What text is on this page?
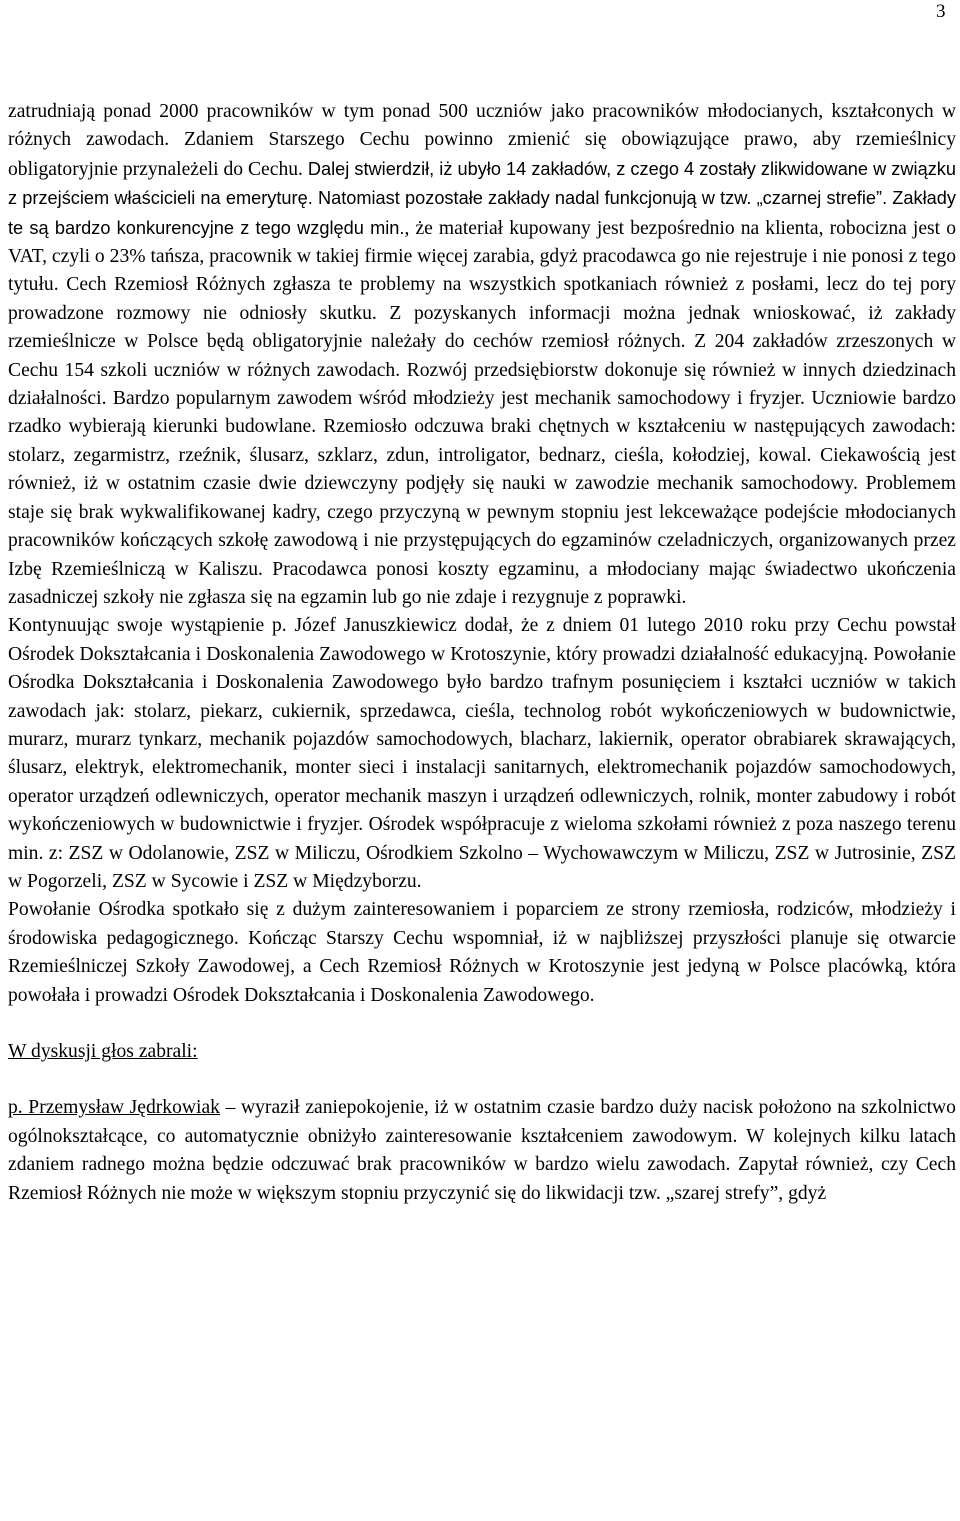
3

zatrudniają ponad 2000 pracowników w tym ponad 500 uczniów jako pracowników młodocianych, kształconych w różnych zawodach. Zdaniem Starszego Cechu powinno zmienić się obowiązujące prawo, aby rzemieślnicy obligatoryjnie przynależeli do Cechu. Dalej stwierdził, iż ubyło 14 zakładów, z czego 4 zostały zlikwidowane w związku z przejściem właścicieli na emeryturę. Natomiast pozostałe zakłady nadal funkcjonują w tzw. „czarnej strefie”. Zakłady te są bardzo konkurencyjne z tego względu min., że materiał kupowany jest bezpośrednio na klienta, robocizna jest o VAT, czyli o 23% tańsza, pracownik w takiej firmie więcej zarabia, gdyż pracodawca go nie rejestruje i nie ponosi z tego tytułu. Cech Rzemiosł Różnych zgłasza te problemy na wszystkich spotkaniach również z posłami, lecz do tej pory prowadzone rozmowy nie odniosły skutku. Z pozyskanych informacji można jednak wnioskować, iż zakłady rzemieślnicze w Polsce będą obligatoryjnie należały do cechów rzemiosł różnych. Z 204 zakładów zrzeszonych w Cechu 154 szkoli uczniów w różnych zawodach. Rozwój przedsiębiorstw dokonuje się również w innych dziedzinach działalności. Bardzo popularnym zawodem wśród młodzieży jest mechanik samochodowy i fryzjer. Uczniowie bardzo rzadko wybierają kierunki budowlane. Rzemiosło odczuwa braki chętnych w kształceniu w następujących zawodach: stolarz, zegarmistrz, rzeźnik, ślusarz, szklarz, zdun, introligator, bednarz, cieśla, kołodziej, kowal. Ciekawością jest również, iż w ostatnim czasie dwie dziewczyny podjęły się nauki w zawodzie mechanik samochodowy. Problemem staje się brak wykwalifikowanej kadry, czego przyczyną w pewnym stopniu jest lekceważące podejście młodocianych pracowników kończących szkołę zawodową i nie przystępujących do egzaminów czeladniczych, organizowanych przez Izbę Rzemieślniczą w Kaliszu. Pracodawca ponosi koszty egzaminu, a młodociany mając świadectwo ukończenia zasadniczej szkoły nie zgłasza się na egzamin lub go nie zdaje i rezygnuje z poprawki.

Kontynuując swoje wystąpienie p. Józef Januszkiewicz dodał, że z dniem 01 lutego 2010 roku przy Cechu powstał Ośrodek Dokształcania i Doskonalenia Zawodowego w Krotoszynie, który prowadzi działalność edukacyjną. Powołanie Ośrodka Dokształcania i Doskonalenia Zawodowego było bardzo trafnym posunięciem i kształci uczniów w takich zawodach jak: stolarz, piekarz, cukiernik, sprzedawca, cieśla, technolog robót wykończeniowych w budownictwie, murarz, murarz tynkarz, mechanik pojazdów samochodowych, blacharz, lakiernik, operator obrabiarek skrawających, ślusarz, elektryk, elektromechanik, monter sieci i instalacji sanitarnych, elektromechanik pojazdów samochodowych, operator urządzeń odlewniczych, operator mechanik maszyn i urządzeń odlewniczych, rolnik, monter zabudowy i robót wykończeniowych w budownictwie i fryzjer. Ośrodek współpracuje z wieloma szkołami również z poza naszego terenu min. z: ZSZ w Odolanowie, ZSZ w Miliczu, Ośrodkiem Szkolno – Wychowawczym w Miliczu, ZSZ w Jutrosinie, ZSZ w Pogorzeli, ZSZ w Sycowie i ZSZ w Międzyborzu.

Powołanie Ośrodka spotkało się z dużym zainteresowaniem i poparciem ze strony rzemiosła, rodziców, młodzieży i środowiska pedagogicznego. Kończąc Starszy Cechu wspomniał, iż w najbliższej przyszłości planuje się otwarcie Rzemieślniczej Szkoły Zawodowej, a Cech Rzemiosł Różnych w Krotoszynie jest jedyną w Polsce placówką, która powołała i prowadzi Ośrodek Dokształcania i Doskonalenia Zawodowego.

W dyskusji głos zabrali:

p. Przemysław Jędrkowiak – wyraził zaniepokojenie, iż w ostatnim czasie bardzo duży nacisk położono na szkolnictwo ogólnokształcące, co automatycznie obniżyło zainteresowanie kształceniem zawodowym. W kolejnych kilku latach zdaniem radnego można będzie odczuwać brak pracowników w bardzo wielu zawodach. Zapytał również, czy Cech Rzemiosł Różnych nie może w większym stopniu przyczynić się do likwidacji tzw. „szarej strefy”, gdyż
